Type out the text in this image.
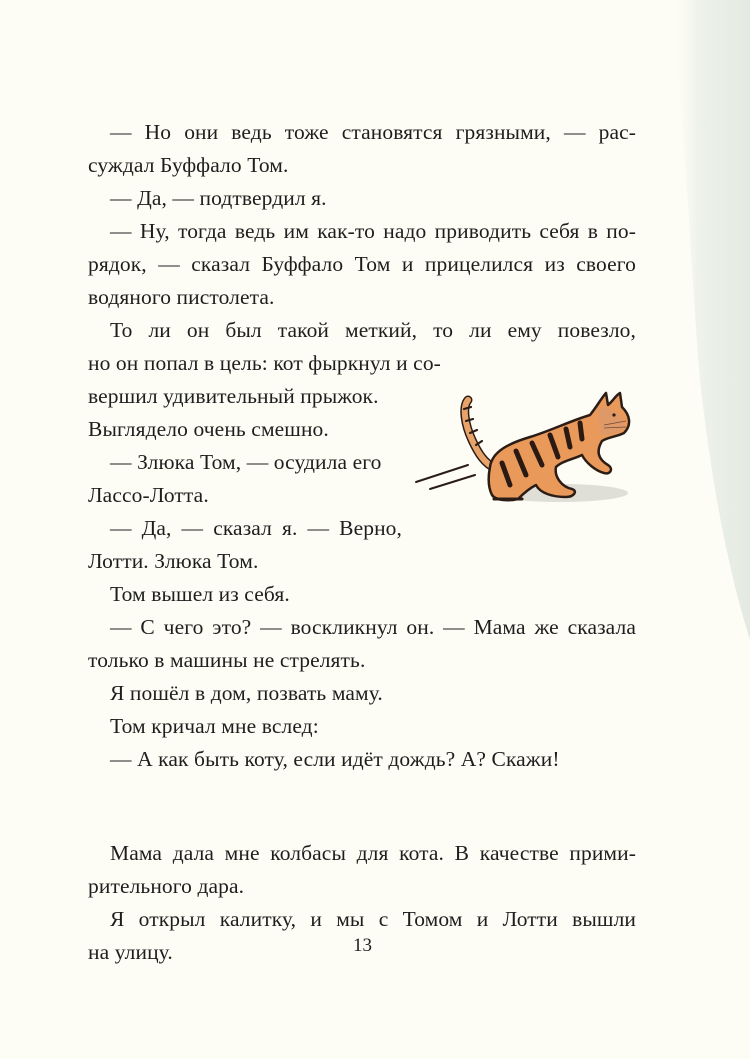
— Но они ведь тоже становятся грязными, — рас-
суждал Буффало Том.
— Да, — подтвердил я.
— Ну, тогда ведь им как-то надо приводить себя в по-
рядок, — сказал Буффало Том и прицелился из своего
водяного пистолета.
То ли он был такой меткий, то ли ему повезло,
но он попал в цель: кот фыркнул и со-
вершил удивительный прыжок.
Выглядело очень смешно.
— Злюка Том, — осудила его
Лассо-Лотта.
— Да, — сказал я. — Верно,
Лотти. Злюка Том.
Том вышел из себя.
— С чего это? — воскликнул он. — Мама же сказала
только в машины не стрелять.
Я пошёл в дом, позвать маму.
Том кричал мне вслед:
— А как быть коту, если идёт дождь? А? Скажи!
Мама дала мне колбасы для кота. В качестве прими-
рительного дара.
Я открыл калитку, и мы с Томом и Лотти вышли
на улицу.	13
